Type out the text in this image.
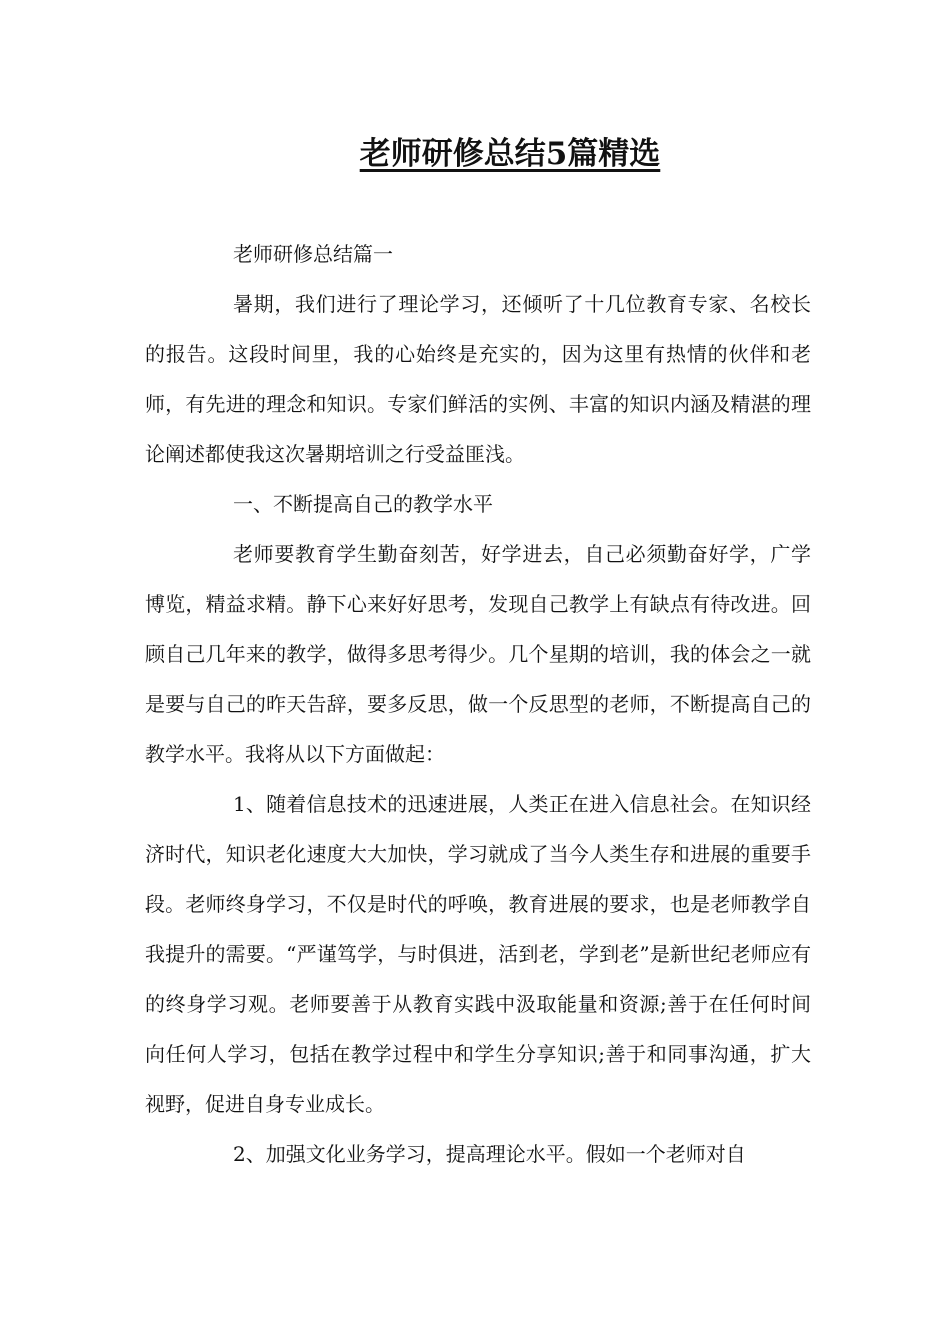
老师研修总结5篇精选

老师研修总结篇一

暑期，我们进行了理论学习，还倾听了十几位教育专家、名校长的报告。这段时间里，我的心始终是充实的，因为这里有热情的伙伴和老师，有先进的理念和知识。专家们鲜活的实例、丰富的知识内涵及精湛的理论阐述都使我这次暑期培训之行受益匪浅。

一、不断提高自己的教学水平

老师要教育学生勤奋刻苦，好学进去，自己必须勤奋好学，广学博览，精益求精。静下心来好好思考，发现自己教学上有缺点有待改进。回顾自己几年来的教学，做得多思考得少。几个星期的培训，我的体会之一就是要与自己的昨天告辞，要多反思，做一个反思型的老师，不断提高自己的教学水平。我将从以下方面做起：

1、随着信息技术的迅速进展，人类正在进入信息社会。在知识经济时代，知识老化速度大大加快，学习就成了当今人类生存和进展的重要手段。老师终身学习，不仅是时代的呼唤，教育进展的要求，也是老师教学自我提升的需要。“严谨笃学，与时俱进，活到老，学到老”是新世纪老师应有的终身学习观。老师要善于从教育实践中汲取能量和资源;善于在任何时间向任何人学习，包括在教学过程中和学生分享知识;善于和同事沟通，扩大视野，促进自身专业成长。

2、加强文化业务学习，提高理论水平。假如一个老师对自
